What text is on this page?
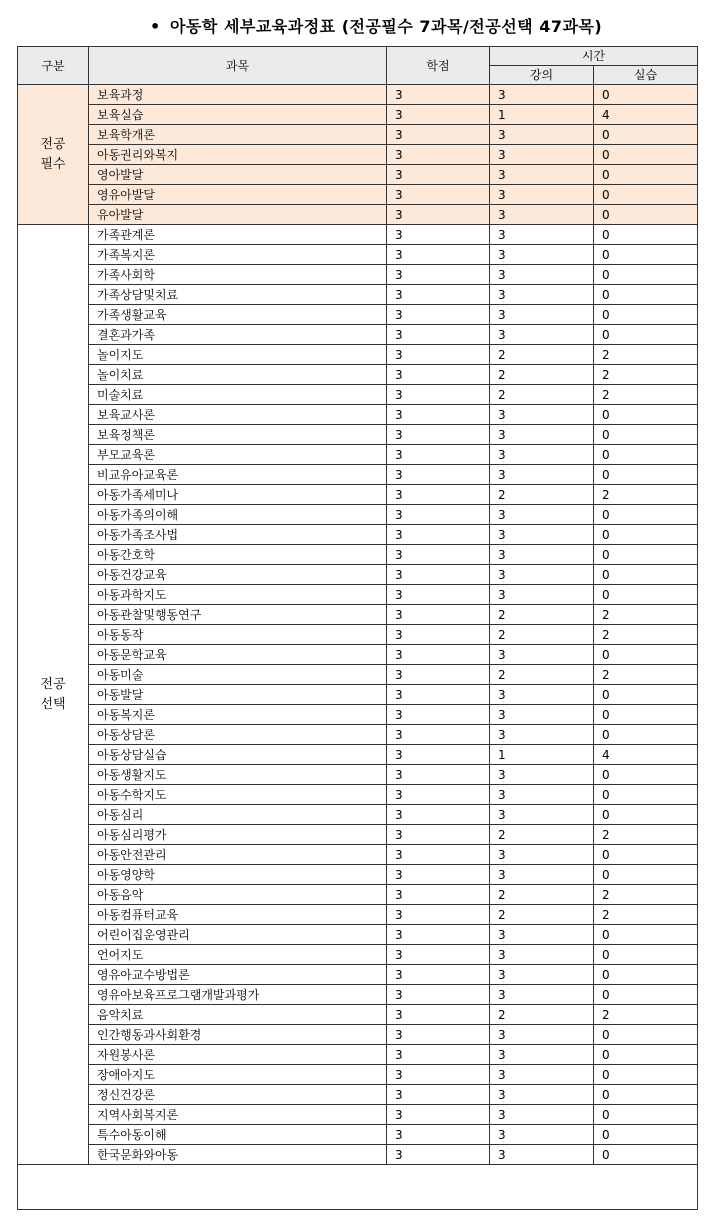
• 아동학 세부교육과정표 (전공필수 7과목/전공선택 47과목)
구분	과목	학점	시간	
			강의	실습
전공
필수	보육과정	3	3	0
	보육실습	3	1	4
	보육학개론	3	3	0
	아동권리와복지	3	3	0
	영아발달	3	3	0
	영유아발달	3	3	0
	유아발달	3	3	0
전공
선택	가족관계론	3	3	0
	가족복지론	3	3	0
	가족사회학	3	3	0
	가족상담및치료	3	3	0
	가족생활교육	3	3	0
	결혼과가족	3	3	0
	놀이지도	3	2	2
	놀이치료	3	2	2
	미술치료	3	2	2
	보육교사론	3	3	0
	보육정책론	3	3	0
	부모교육론	3	3	0
	비교유아교육론	3	3	0
	아동가족세미나	3	2	2
	아동가족의이해	3	3	0
	아동가족조사법	3	3	0
	아동간호학	3	3	0
	아동건강교육	3	3	0
	아동과학지도	3	3	0
	아동관찰및행동연구	3	2	2
	아동동작	3	2	2
	아동문학교육	3	3	0
	아동미술	3	2	2
	아동발달	3	3	0
	아동복지론	3	3	0
	아동상담론	3	3	0
	아동상담실습	3	1	4
	아동생활지도	3	3	0
	아동수학지도	3	3	0
	아동심리	3	3	0
	아동심리평가	3	2	2
	아동안전관리	3	3	0
	아동영양학	3	3	0
	아동음악	3	2	2
	아동컴퓨터교육	3	2	2
	어린이집운영관리	3	3	0
	언어지도	3	3	0
	영유아교수방법론	3	3	0
	영유아보육프로그램개발과평가	3	3	0
	음악치료	3	2	2
	인간행동과사회환경	3	3	0
	자원봉사론	3	3	0
	장애아지도	3	3	0
	정신건강론	3	3	0
	지역사회복지론	3	3	0
	특수아동이해	3	3	0
	한국문화와아동	3	3	0
